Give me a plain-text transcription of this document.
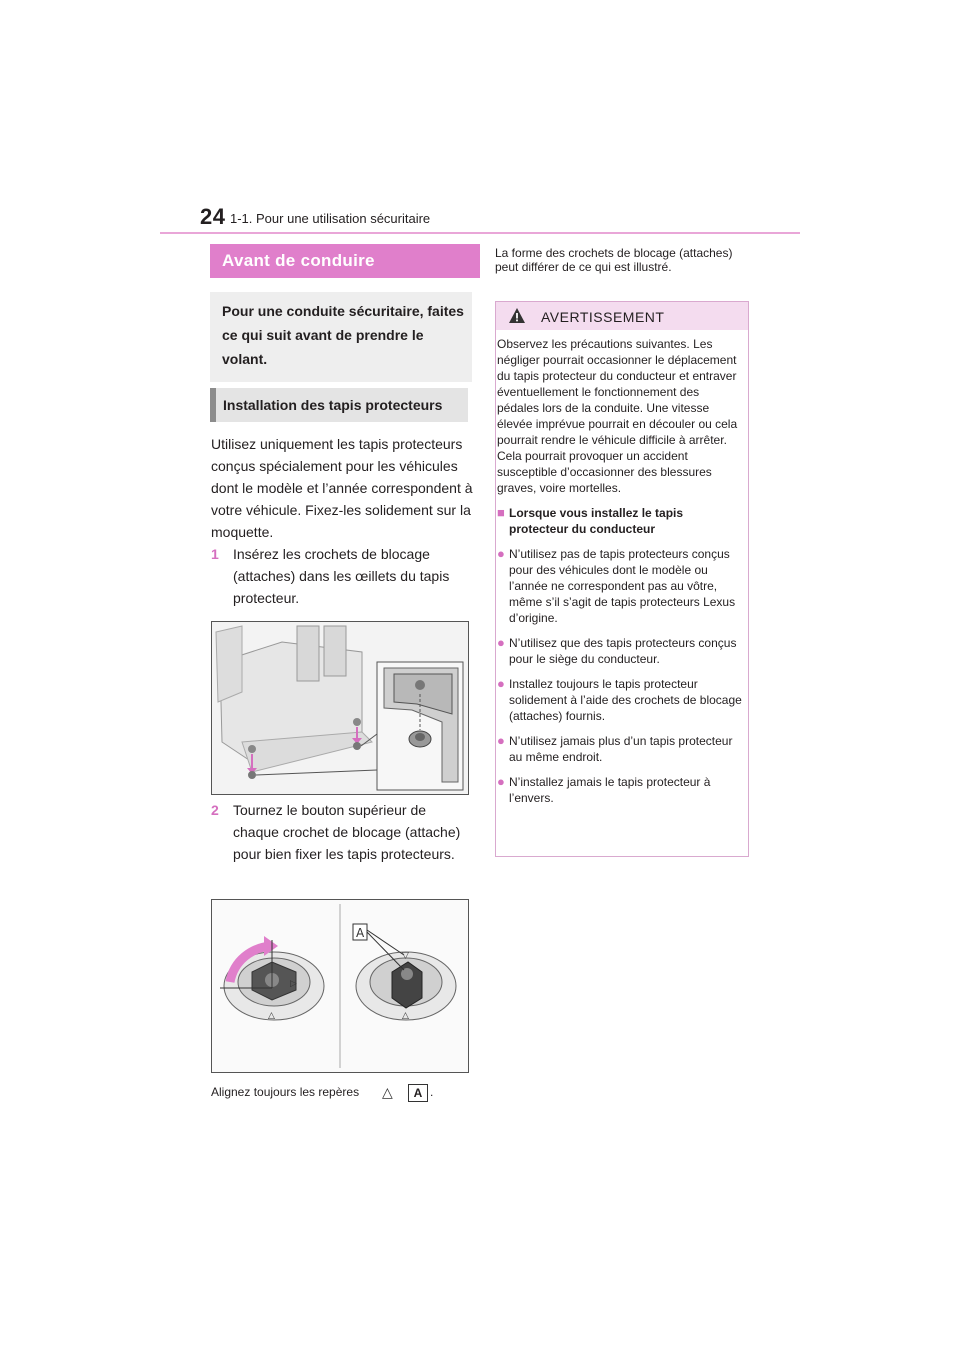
24 1-1. Pour une utilisation sécuritaire
Avant de conduire
Pour une conduite sécuritaire, faites ce qui suit avant de prendre le volant.
Installation des tapis protecteurs
Utilisez uniquement les tapis protecteurs conçus spécialement pour les véhicules dont le modèle et l’année correspondent à votre véhicule. Fixez-les solidement sur la moquette.
1 Insérez les crochets de blocage (attaches) dans les œillets du tapis protecteur.
2 Tournez le bouton supérieur de chaque crochet de blocage (attache) pour bien fixer les tapis protecteurs.
▷
△
▽
△
A
Alignez toujours les repères △	A .
La forme des crochets de blocage (attaches) peut différer de ce qui est illustré.
AVERTISSEMENT
Observez les précautions suivantes. Les négliger pourrait occasionner le déplacement du tapis protecteur du conducteur et entraver éventuellement le fonctionnement des pédales lors de la conduite. Une vitesse élevée imprévue pourrait en découler ou cela pourrait rendre le véhicule difficile à arrêter. Cela pourrait provoquer un accident susceptible d’occasionner des blessures graves, voire mortelles.
■ Lorsque vous installez le tapis protecteur du conducteur
● N’utilisez pas de tapis protecteurs conçus pour des véhicules dont le modèle ou l’année ne correspondent pas au vôtre, même s’il s’agit de tapis protecteurs Lexus d’origine.
● N’utilisez que des tapis protecteurs conçus pour le siège du conducteur.
● Installez toujours le tapis protecteur solidement à l’aide des crochets de blocage (attaches) fournis.
● N’utilisez jamais plus d’un tapis protecteur au même endroit.
● N’installez jamais le tapis protecteur à l’envers.
